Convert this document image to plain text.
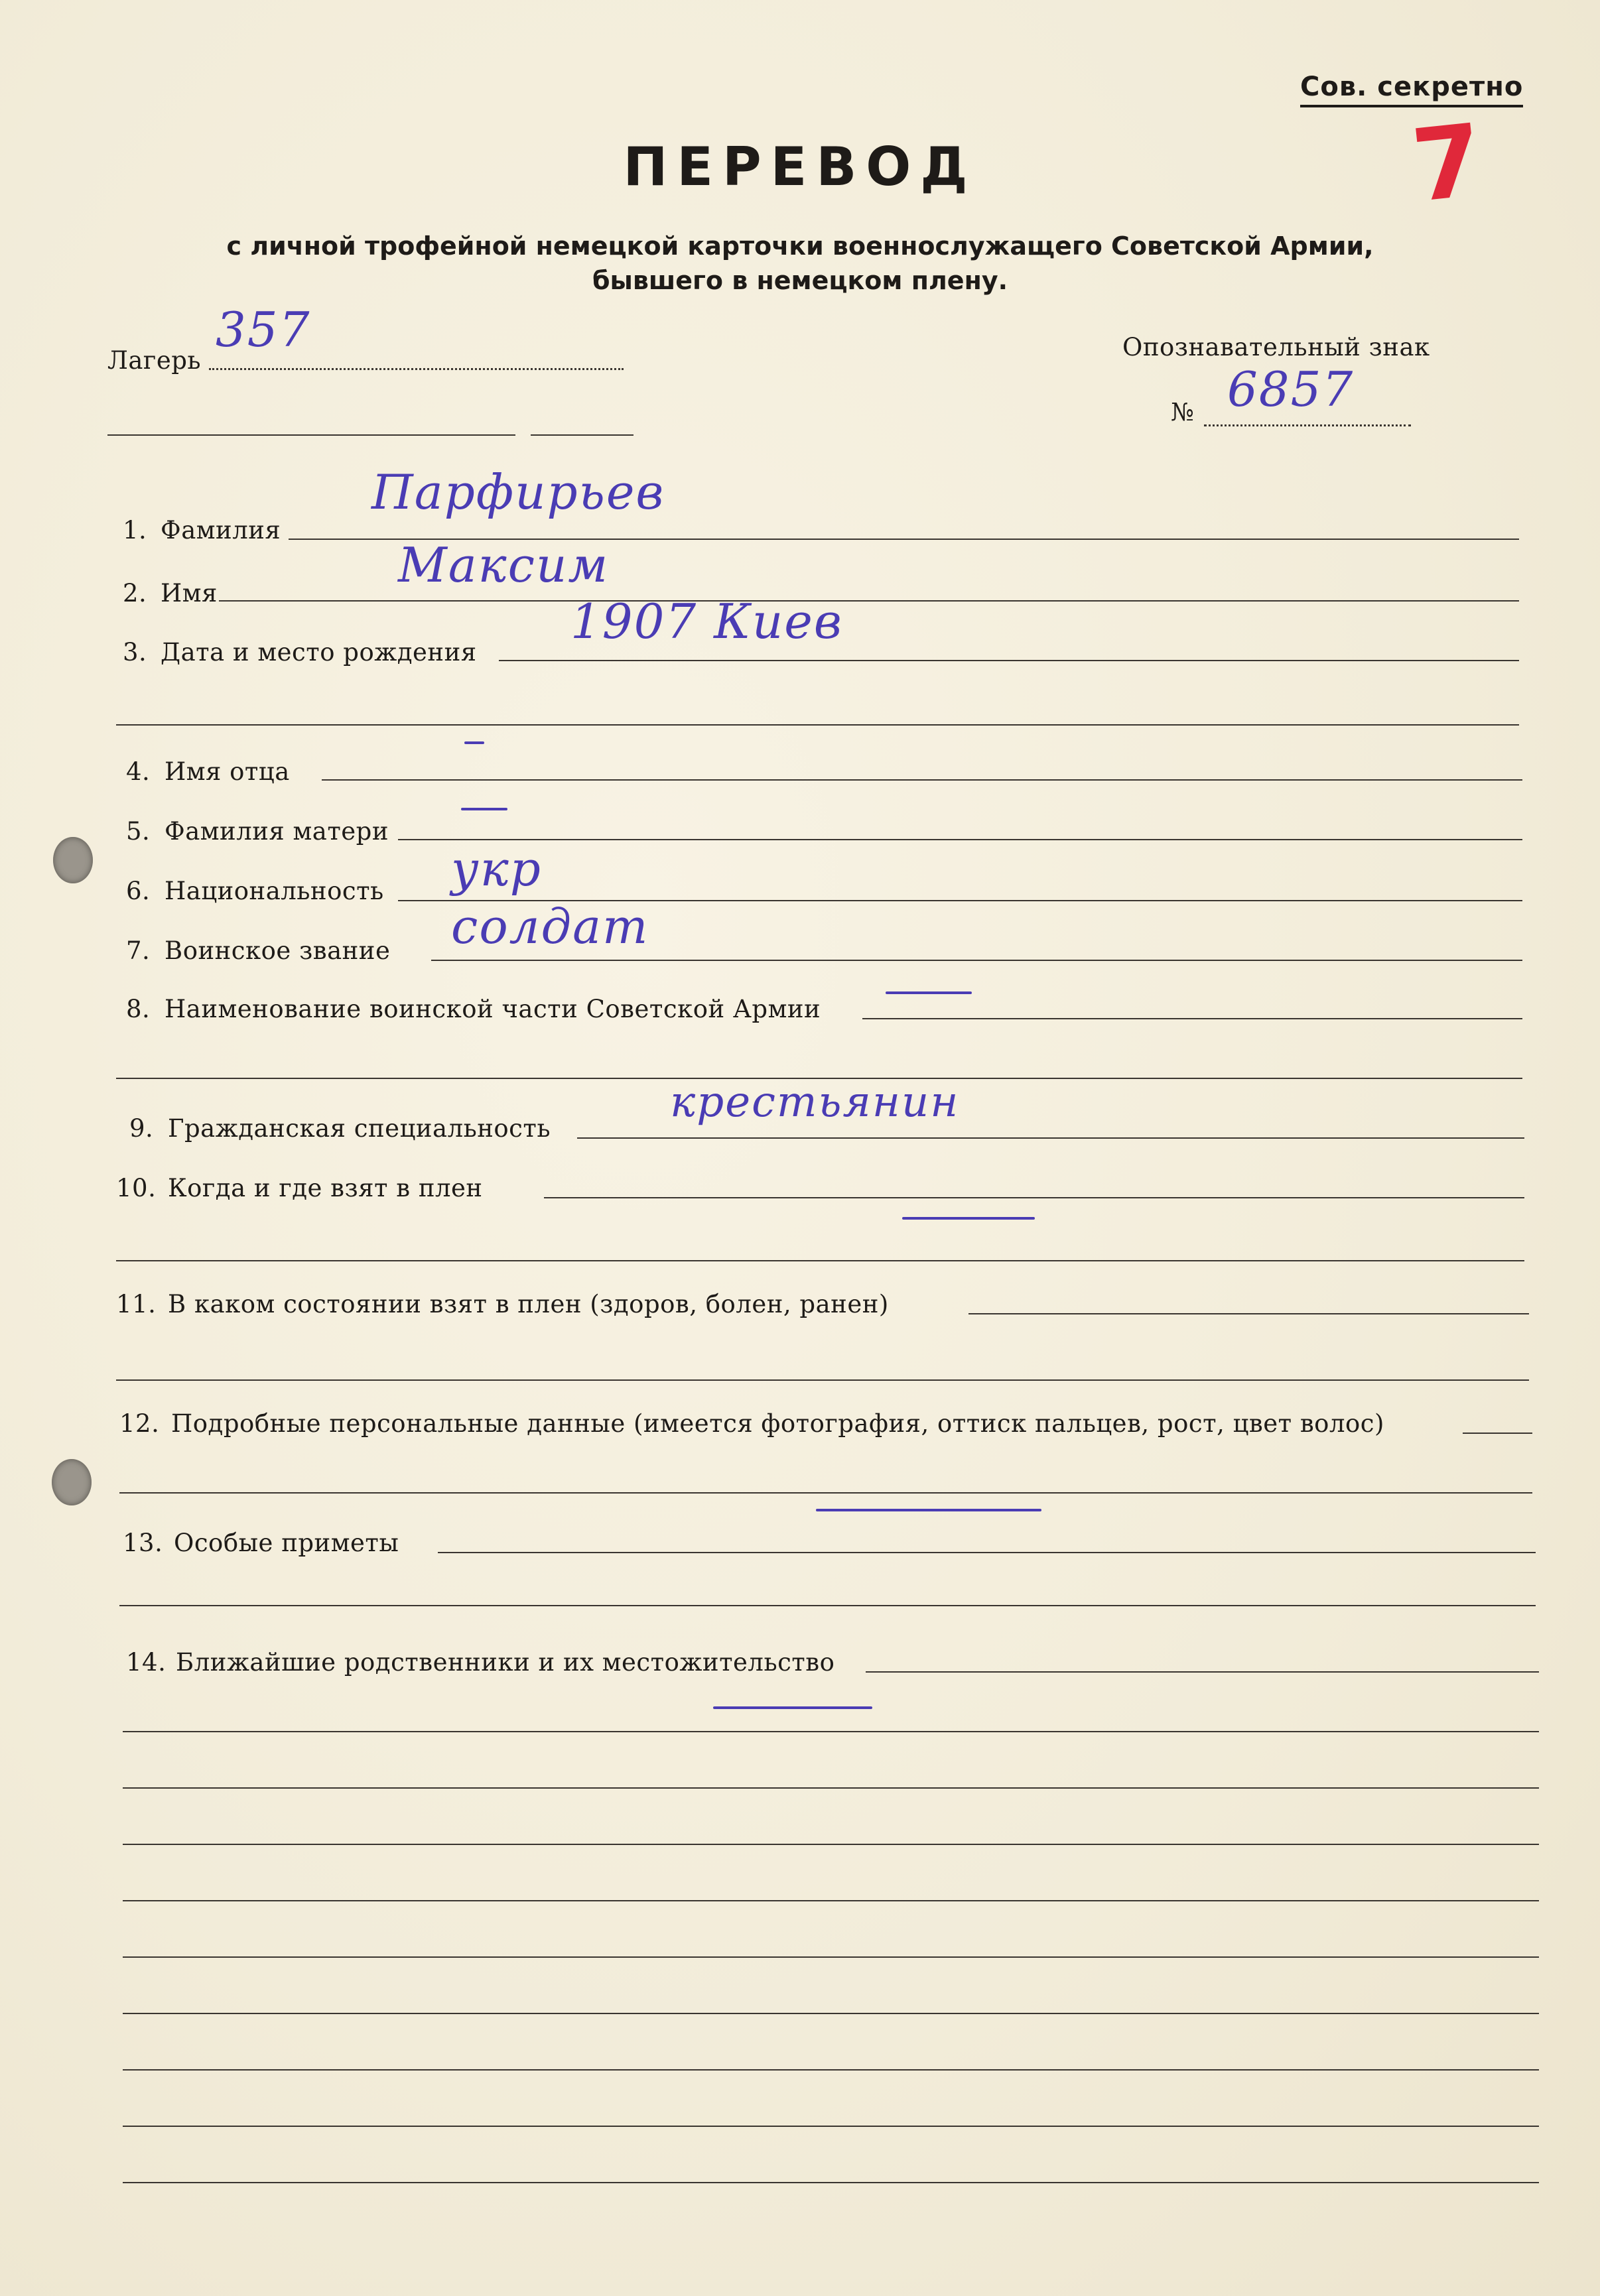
Сов. секретно
7
ПЕРЕВОД
с личной трофейной немецкой карточки военнослужащего Советской Армии,
бывшего в немецком плену.
Лагерь
357	Опознавательный знак
№ 6857
1. Фамилия
Парфирьев
2. Имя
Максим
3. Дата и место рождения
1907 Киев
4. Имя отца
5. Фамилия матери
6. Национальность укр
7. Воинское звание солдат
8. Наименование воинской части Советской Армии
9. Гражданская специальность
крестьянин
10. Когда и где взят в плен
11. В каком состоянии взят в плен (здоров, болен, ранен)
12. Подробные персональные данные (имеется фотография, оттиск пальцев, рост, цвет волос)
13. Особые приметы
14. Ближайшие родственники и их местожительство
